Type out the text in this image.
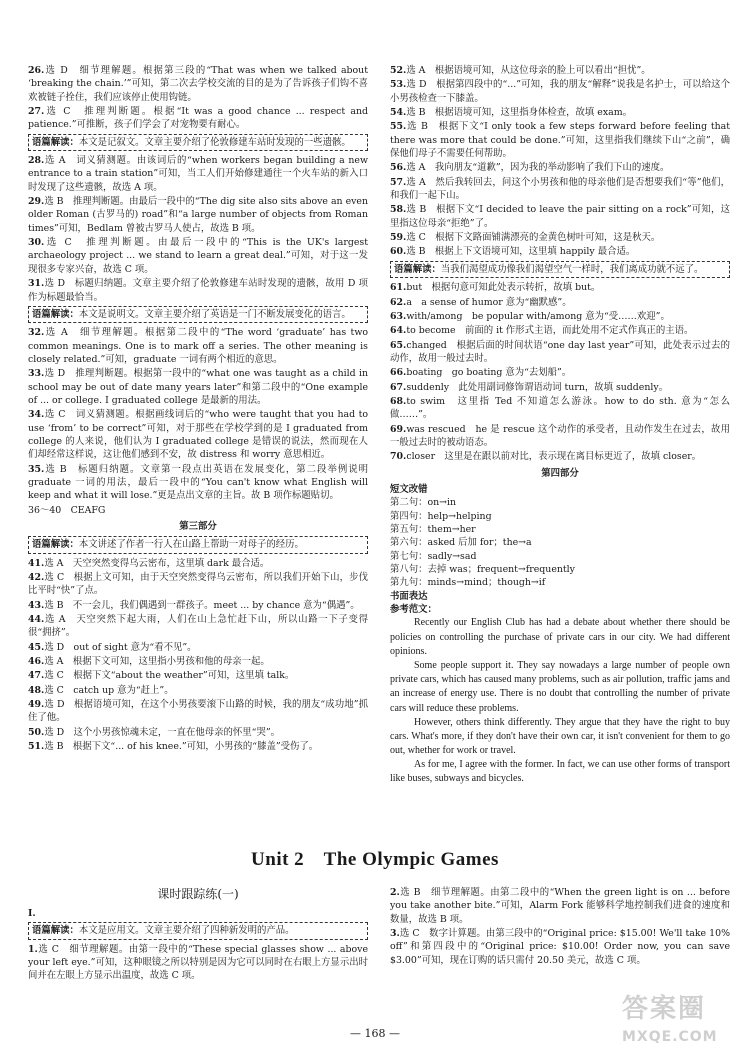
26.选 D　细节理解题。根据第三段的“That was when we talked about ‘breaking the chain.’”可知，第二次去学校交流的目的是为了告诉孩子们钩不喜欢被链子拴住，我们应该停止使用钩链。
27.选 C　推理判断题。根据“It was a good chance ... respect and patience.”可推断，孩子们学会了对宠物要有耐心。
语篇解读：本文是记叙文。文章主要介绍了伦敦修建车站时发现的一些遗骸。
28.选 A　词义猜测题。由该词后的“when workers began building a new entrance to a train station”可知，当工人们开始修建通往一个火车站的新入口时发现了这些遗骸，故选 A 项。
29.选 B　推理判断题。由最后一段中的“The dig site also sits above an even older Roman (古罗马的) road”和“a large number of objects from Roman times”可知，Bedlam 曾被古罗马人使占，故选 B 项。
30.选 C　推理判断题。由最后一段中的“This is the UK's largest archaeology project ... we stand to learn a great deal.”可知，对于这一发现很多专家兴奋，故选 C 项。
31.选 D　标题归纳题。文章主要介绍了伦敦修建车站时发现的遗骸，故用 D 项作为标题最恰当。
语篇解读：本文是说明文。文章主要介绍了英语是一门不断发展变化的语言。
32.选 A　细节理解题。根据第二段中的“The word ‘graduate’ has two common meanings. One is to mark off a series. The other meaning is closely related.”可知，graduate 一词有两个相近的意思。
33.选 D　推理判断题。根据第一段中的“what one was taught as a child in school may be out of date many years later”和第二段中的“One example of ... or college. I graduated college 是最新的用法。
34.选 C　词义猜测题。根据画线词后的“who were taught that you had to use ‘from’ to be correct”可知，对于那些在学校学到的是 I graduated from college 的人来说，他们认为 I graduated college 是错误的说法，然而现在人们却经常这样说，这让他们感到不安，故 distress 和 worry 意思相近。
35.选 B　标题归纳题。文章第一段点出英语在发展变化，第二段举例说明 graduate 一词的用法，最后一段中的“You can't know what English will keep and what it will lose.”更是点出文章的主旨。故 B 项作标题贴切。
36～40　CEAFG
第三部分
语篇解读：本文讲述了作者一行人在山路上帮助一对母子的经历。
41.选 A　天空突然变得乌云密布，这里填 dark 最合适。
42.选 C　根据上文可知，由于天空突然变得乌云密布，所以我们开始下山，步伐比平时“快”了点。
43.选 B　不一会儿，我们偶遇到一群孩子。meet ... by chance 意为“偶遇”。
44.选 A　天空突然下起大雨，人们在山上急忙赶下山，所以山路一下子变得很“拥挤”。
45.选 D　out of sight 意为“看不见”。
46.选 A　根据下文可知，这里指小男孩和他的母亲一起。
47.选 C　根据下文“about the weather”可知，这里填 talk。
48.选 C　catch up 意为“赶上”。
49.选 D　根据语境可知，在这个小男孩要滚下山路的时候，我的朋友“成功地”抓住了他。
50.选 D　这个小男孩惊魂未定，一直在他母亲的怀里“哭”。
51.选 B　根据下文“... of his knee.”可知，小男孩的“膝盖”受伤了。
52.选 A　根据语境可知，从这位母亲的脸上可以看出“担忧”。
53.选 D　根据第四段中的“...”可知，我的朋友“解释”说我是名护士，可以给这个小男孩检查一下膝盖。
54.选 B　根据语境可知，这里指身体检查，故填 exam。
55.选 B　根据下文“I only took a few steps forward before feeling that there was more that could be done.”可知，这里指我们继续下山“之前”，确保他们母子不需要任何帮助。
56.选 A　我向朋友“道歉”，因为我的举动影响了我们下山的速度。
57.选 A　然后我转回去，问这个小男孩和他的母亲他们是否想要我们“等”他们，和我们一起下山。
58.选 B　根据下文“I decided to leave the pair sitting on a rock”可知，这里指这位母亲“拒绝”了。
59.选 C　根据下文路面铺满漂亮的金黄色树叶可知，这是秋天。
60.选 B　根据上下文语境可知，这里填 happily 最合适。
语篇解读：当我们渴望成功像我们渴望空气一样时，我们离成功就不远了。
61.but　根据句意可知此处表示转折，故填 but。
62.a　a sense of humor 意为“幽默感”。
63.with/among　be popular with/among 意为“受……欢迎”。
64.to become　前面的 it 作形式主语，而此处用不定式作真正的主语。
65.changed　根据后面的时间状语“one day last year”可知，此处表示过去的动作，故用一般过去时。
66.boating　go boating 意为“去划船”。
67.suddenly　此处用副词修饰谓语动词 turn，故填 suddenly。
68.to swim　这里指 Ted 不知道怎么游泳。how to do sth. 意为“怎么做……”。
69.was rescued　he 是 rescue 这个动作的承受者，且动作发生在过去，故用一般过去时的被动语态。
70.closer　这里是在跟以前对比，表示现在离目标更近了，故填 closer。
第四部分
短文改错
第二句：on→in
第四句：help→helping
第五句：them→her
第六句：asked 后加 for；the→a
第七句：sadly→sad
第八句：去掉 was；frequent→frequently
第九句：minds→mind；though→if
书面表达
参考范文：

Recently our English Club has had a debate about whether there should be policies on controlling the purchase of private cars in our city. We had different opinions.

Some people support it. They say nowadays a large number of people own private cars, which has caused many problems, such as air pollution, traffic jams and an increase of energy use. There is no doubt that controlling the number of private cars will reduce these problems.

However, others think differently. They argue that they have the right to buy cars. What's more, if they don't have their own car, it isn't convenient for them to go out, whether for work or travel.

As for me, I agree with the former. In fact, we can use other forms of transport like buses, subways and bicycles.

Unit 2　The Olympic Games
课时跟踪练(一)
I.
语篇解读：本文是应用文。文章主要介绍了四种新发明的产品。
1.选 C　细节理解题。由第一段中的“These special glasses show ... above your left eye.”可知，这种眼镜之所以特别是因为它可以同时在右眼上方显示出时间并在左眼上方显示出温度，故选 C 项。
2.选 B　细节理解题。由第二段中的“When the green light is on ... before you take another bite.”可知，Alarm Fork 能够科学地控制我们进食的速度和数量，故选 B 项。
3.选 C　数字计算题。由第三段中的“Original price: $15.00! We'll take 10% off”和第四段中的“Original price: $10.00! Order now, you can save $3.00”可知，现在订购的话只需付 20.50 美元，故选 C 项。
— 168 —
答案圈
MXQE.COM
